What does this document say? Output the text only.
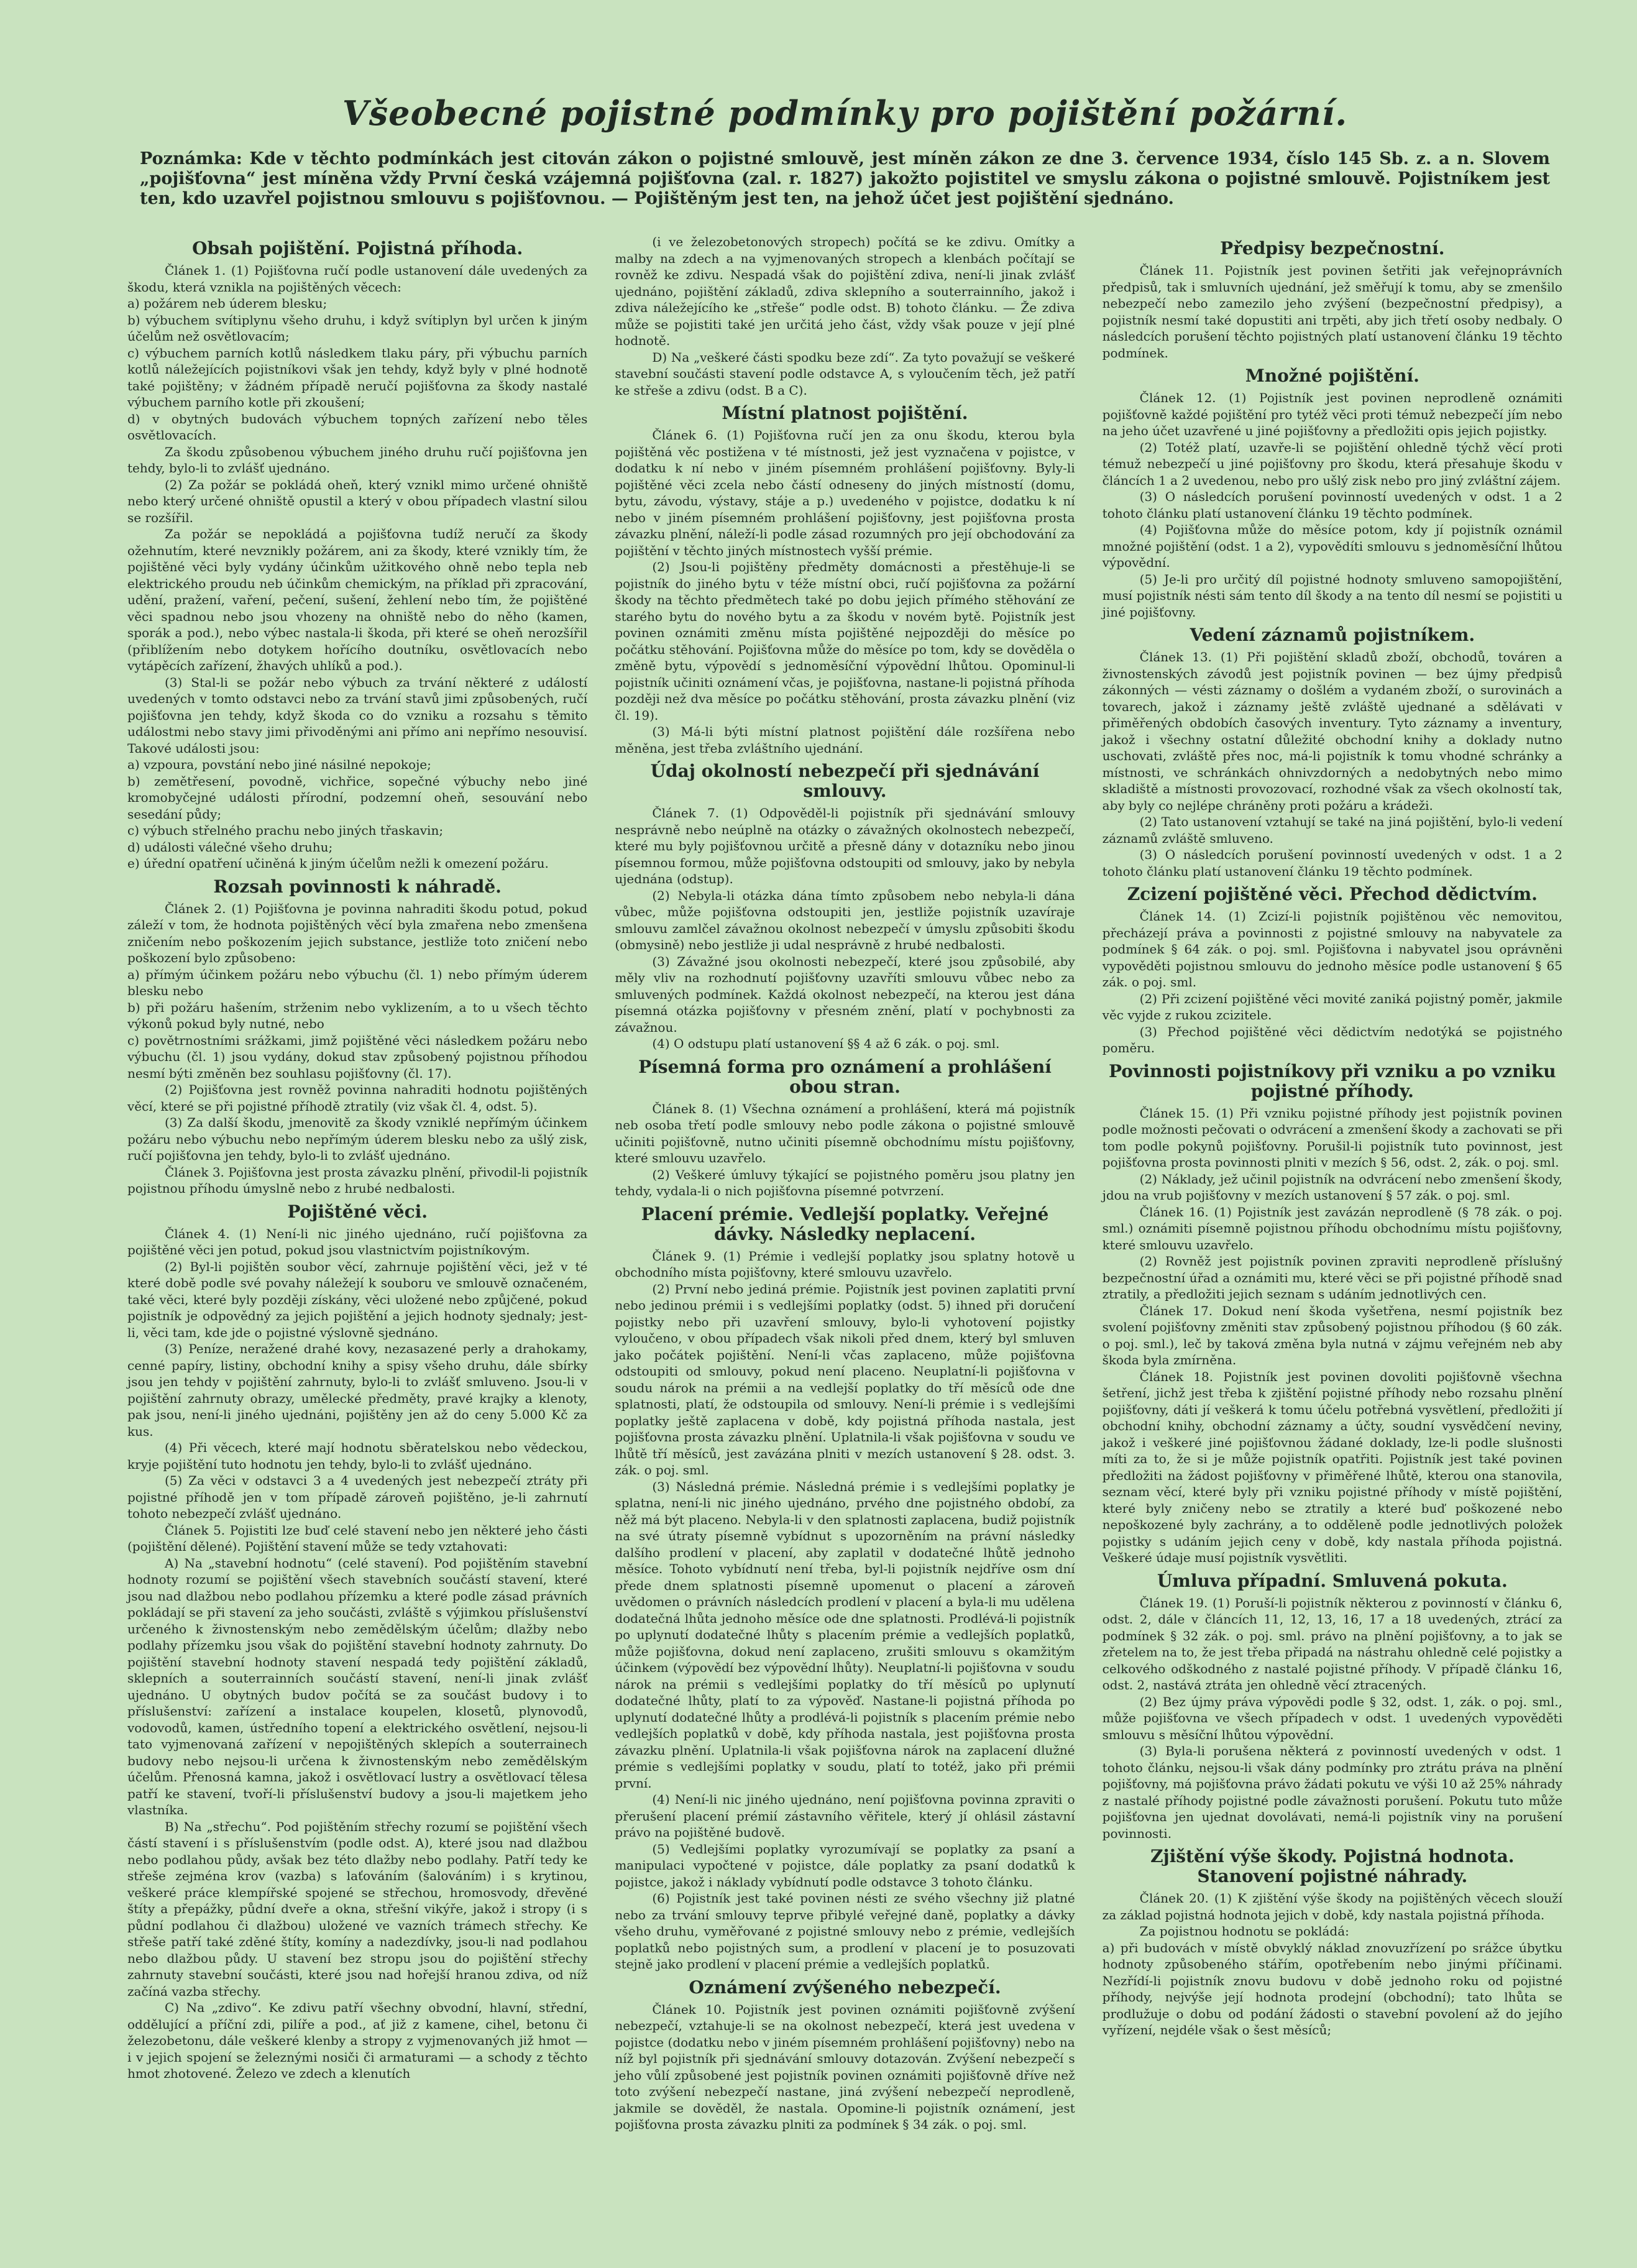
Všeobecné pojistné podmínky pro pojištění požární.
Poznámka: Kde v těchto podmínkách jest citován zákon o pojistné smlouvě, jest míněn zákon ze dne 3. července 1934, číslo 145 Sb. z. a n. Slovem „pojišťovna“ jest míněna vždy První česká vzájemná pojišťovna (zal. r. 1827) jakožto pojistitel ve smyslu zákona o pojistné smlouvě. Pojistníkem jest ten, kdo uzavřel pojistnou smlouvu s pojišťovnou. — Pojištěným jest ten, na jehož účet jest pojištění sjednáno.
Obsah pojištění. Pojistná příhoda.

Článek 1. (1) Pojišťovna ručí podle ustanovení dále uvedených za škodu, která vznikla na pojištěných věcech:

a) požárem neb úderem blesku;

b) výbuchem svítiplynu všeho druhu, i když svítiplyn byl určen k jiným účelům než osvětlovacím;

c) výbuchem parních kotlů následkem tlaku páry, při výbuchu parních kotlů náležejících pojistníkovi však jen tehdy, když byly v plné hodnotě také pojištěny; v žádném případě neručí pojišťovna za škody nastalé výbuchem parního kotle při zkoušení;

d) v obytných budovách výbuchem topných zařízení nebo těles osvětlovacích.

Za škodu způsobenou výbuchem jiného druhu ručí pojišťovna jen tehdy, bylo-li to zvlášť ujednáno.

(2) Za požár se pokládá oheň, který vznikl mimo určené ohniště nebo který určené ohniště opustil a který v obou případech vlastní silou se rozšířil.

Za požár se nepokládá a pojišťovna tudíž neručí za škody ožehnutím, které nevznikly požárem, ani za škody, které vznikly tím, že pojištěné věci byly vydány účinkům užitkového ohně nebo tepla neb elektrického proudu neb účinkům chemickým, na příklad při zpracování, udění, pražení, vaření, pečení, sušení, žehlení nebo tím, že pojištěné věci spadnou nebo jsou vhozeny na ohniště nebo do něho (kamen, sporák a pod.), nebo výbec nastala-li škoda, při které se oheň nerozšířil (přiblížením nebo dotykem hořícího doutníku, osvětlovacích nebo vytápěcích zařízení, žhavých uhlíků a pod.).

(3) Stal-li se požár nebo výbuch za trvání některé z událostí uvedených v tomto odstavci nebo za trvání stavů jimi způsobených, ručí pojišťovna jen tehdy, když škoda co do vzniku a rozsahu s těmito událostmi nebo stavy jimi přivoděnými ani přímo ani nepřímo nesouvisí. Takové události jsou:

a) vzpoura, povstání nebo jiné násilné nepokoje;

b) zemětřesení, povodně, vichřice, sopečné výbuchy nebo jiné kromobyčejné události přírodní, podzemní oheň, sesouvání nebo sesedání půdy;

c) výbuch střelného prachu nebo jiných třaskavin;

d) události válečné všeho druhu;

e) úřední opatření učiněná k jiným účelům nežli k omezení požáru.

Rozsah povinnosti k náhradě.

Článek 2. (1) Pojišťovna je povinna nahraditi škodu potud, pokud záleží v tom, že hodnota pojištěných věcí byla zmařena nebo zmenšena zničením nebo poškozením jejich substance, jestliže toto zničení nebo poškození bylo způsobeno:

a) přímým účinkem požáru nebo výbuchu (čl. 1) nebo přímým úderem blesku nebo

b) při požáru hašením, strženim nebo vyklizením, a to u všech těchto výkonů pokud byly nutné, nebo

c) povětrnostními srážkami, jimž pojištěné věci následkem požáru nebo výbuchu (čl. 1) jsou vydány, dokud stav způsobený pojistnou příhodou nesmí býti změněn bez souhlasu pojišťovny (čl. 17).

(2) Pojišťovna jest rovněž povinna nahraditi hodnotu pojištěných věcí, které se při pojistné příhodě ztratily (viz však čl. 4, odst. 5).

(3) Za další škodu, jmenovitě za škody vzniklé nepřímým účinkem požáru nebo výbuchu nebo nepřímým úderem blesku nebo za ušlý zisk, ručí pojišťovna jen tehdy, bylo-li to zvlášť ujednáno.

Článek 3. Pojišťovna jest prosta závazku plnění, přivodil-li pojistník pojistnou příhodu úmyslně nebo z hrubé nedbalosti.

Pojištěné věci.

Článek 4. (1) Není-li nic jiného ujednáno, ručí pojišťovna za pojištěné věci jen potud, pokud jsou vlastnictvím pojistníkovým.

(2) Byl-li pojištěn soubor věcí, zahrnuje pojištění věci, jež v té které době podle své povahy náležejí k souboru ve smlouvě označeném, také věci, které byly později získány, věci uložené nebo způjčené, pokud pojistník je odpovědný za jejich pojištění a jejich hodnoty sjednaly; jest-li, věci tam, kde jde o pojistné výslovně sjednáno.

(3) Peníze, neražené drahé kovy, nezasazené perly a drahokamy, cenné papíry, listiny, obchodní knihy a spisy všeho druhu, dále sbírky jsou jen tehdy v pojištění zahrnuty, bylo-li to zvlášť smluveno. Jsou-li v pojištění zahrnuty obrazy, umělecké předměty, pravé krajky a klenoty, pak jsou, není-li jiného ujednáni, pojištěny jen až do ceny 5.000 Kč za kus.

(4) Při věcech, které mají hodnotu sběratelskou nebo vědeckou, kryje pojištění tuto hodnotu jen tehdy, bylo-li to zvlášť ujednáno.

(5) Za věci v odstavci 3 a 4 uvedených jest nebezpečí ztráty při pojistné příhodě jen v tom případě zároveň pojištěno, je-li zahrnutí tohoto nebezpečí zvlášť ujednáno.

Článek 5. Pojistiti lze buď celé stavení nebo jen některé jeho části (pojištění dělené). Pojištění stavení může se tedy vztahovati:

A) Na „stavební hodnotu“ (celé stavení). Pod pojištěním stavební hodnoty rozumí se pojištění všech stavebních součástí stavení, které jsou nad dlažbou nebo podlahou přízemku a které podle zásad právních pokládají se při stavení za jeho součásti, zvláště s výjimkou příslušenství určeného k živnostenským nebo zemědělským účelům; dlažby nebo podlahy přízemku jsou však do pojištění stavební hodnoty zahrnuty. Do pojištění stavební hodnoty stavení nespadá tedy pojištění základů, sklepních a souterrainních součástí stavení, není-li jinak zvlášť ujednáno. U obytných budov počítá se za součást budovy i to příslušenství: zařízení a instalace koupelen, klosetů, plynovodů, vodovodů, kamen, ústředního topení a elektrického osvětlení, nejsou-li tato vyjmenovaná zařízení v nepojištěných sklepích a souterrainech budovy nebo nejsou-li určena k živnostenským nebo zemědělským účelům. Přenosná kamna, jakož i osvětlovací lustry a osvětlovací tělesa patří ke stavení, tvoří-li příslušenství budovy a jsou-li majetkem jeho vlastníka.

B) Na „střechu“. Pod pojištěním střechy rozumí se pojištění všech částí stavení i s příslušenstvím (podle odst. A), které jsou nad dlažbou nebo podlahou půdy, avšak bez této dlažby nebo podlahy. Patří tedy ke střeše zejména krov (vazba) s laťováním (šalováním) i s krytinou, veškeré práce klempířské spojené se střechou, hromosvody, dřevěné štíty a přepážky, půdní dveře a okna, střešní vikýře, jakož i stropy (i s půdní podlahou či dlažbou) uložené ve vazních trámech střechy. Ke střeše patří také zděné štíty, komíny a nadezdívky, jsou-li nad podlahou nebo dlažbou půdy. U stavení bez stropu jsou do pojištění střechy zahrnuty stavební součásti, které jsou nad hořejší hranou zdiva, od níž začíná vazba střechy.

C) Na „zdivo“. Ke zdivu patří všechny obvodní, hlavní, střední, oddělující a příční zdi, pilíře a pod., ať již z kamene, cihel, betonu či železobetonu, dále veškeré klenby a stropy z vyjmenovaných již hmot — i v jejich spojení se železnými nosiči či armaturami — a schody z těchto hmot zhotovené. Železo ve zdech a klenutích

(i ve železobetonových stropech) počítá se ke zdivu. Omítky a malby na zdech a na vyjmenovaných stropech a klenbách počítají se rovněž ke zdivu. Nespadá však do pojištění zdiva, není-li jinak zvlášť ujednáno, pojištění základů, zdiva sklepního a souterrainního, jakož i zdiva náležejícího ke „střeše“ podle odst. B) tohoto článku. — Že zdiva může se pojistiti také jen určitá jeho část, vždy však pouze v její plné hodnotě.

D) Na „veškeré části spodku beze zdí“. Za tyto považují se veškeré stavební součásti stavení podle odstavce A, s vyloučením těch, jež patří ke střeše a zdivu (odst. B a C).

Místní platnost pojištění.

Článek 6. (1) Pojišťovna ručí jen za onu škodu, kterou byla pojištěná věc postižena v té místnosti, jež jest vyznačena v pojistce, v dodatku k ní nebo v jiném písemném prohlášení pojišťovny. Byly-li pojištěné věci zcela nebo částí odneseny do jiných místností (domu, bytu, závodu, výstavy, stáje a p.) uvedeného v pojistce, dodatku k ní nebo v jiném písemném prohlášení pojišťovny, jest pojišťovna prosta závazku plnění, náleží-li podle zásad rozumných pro její obchodování za pojištění v těchto jiných místnostech vyšší prémie.

(2) Jsou-li pojištěny předměty domácnosti a přestěhuje-li se pojistník do jiného bytu v téže místní obci, ručí pojišťovna za požární škody na těchto předmětech také po dobu jejich přímého stěhování ze starého bytu do nového bytu a za škodu v novém bytě. Pojistník jest povinen oznámiti změnu místa pojištěné nejpozději do měsíce po počátku stěhování. Pojišťovna může do měsíce po tom, kdy se dověděla o změně bytu, výpovědí s jednoměsíční výpovědní lhůtou. Opominul-li pojistník učiniti oznámení včas, je pojišťovna, nastane-li pojistná příhoda později než dva měsíce po počátku stěhování, prosta závazku plnění (viz čl. 19).

(3) Má-li býti místní platnost pojištění dále rozšířena nebo měněna, jest třeba zvláštního ujednání.

Údaj okolností nebezpečí při sjednávání smlouvy.

Článek 7. (1) Odpověděl-li pojistník při sjednávání smlouvy nesprávně nebo neúplně na otázky o závažných okolnostech nebezpečí, které mu byly pojišťovnou určitě a přesně dány v dotazníku nebo jinou písemnou formou, může pojišťovna odstoupiti od smlouvy, jako by nebyla ujednána (odstup).

(2) Nebyla-li otázka dána tímto způsobem nebo nebyla-li dána vůbec, může pojišťovna odstoupiti jen, jestliže pojistník uzavíraje smlouvu zamlčel závažnou okolnost nebezpečí v úmyslu způsobiti škodu (obmysině) nebo jestliže ji udal nesprávně z hrubé nedbalosti.

(3) Závažné jsou okolnosti nebezpečí, které jsou způsobilé, aby měly vliv na rozhodnutí pojišťovny uzavříti smlouvu vůbec nebo za smluvených podmínek. Každá okolnost nebezpečí, na kterou jest dána písemná otázka pojišťovny v přesném znění, platí v pochybnosti za závažnou.

(4) O odstupu platí ustanovení §§ 4 až 6 zák. o poj. sml.

Písemná forma pro oznámení a prohlášení obou stran.

Článek 8. (1) Všechna oznámení a prohlášení, která má pojistník neb osoba třetí podle smlouvy nebo podle zákona o pojistné smlouvě učiniti pojišťovně, nutno učiniti písemně obchodnímu místu pojišťovny, které smlouvu uzavřelo.

(2) Veškeré úmluvy týkající se pojistného poměru jsou platny jen tehdy, vydala-li o nich pojišťovna písemné potvrzení.

Placení prémie. Vedlejší poplatky. Veřejné dávky. Následky neplacení.

Článek 9. (1) Prémie i vedlejší poplatky jsou splatny hotově u obchodního místa pojišťovny, které smlouvu uzavřelo.

(2) První nebo jediná prémie. Pojistník jest povinen zaplatiti první nebo jedinou prémii i s vedlejšími poplatky (odst. 5) ihned při doručení pojistky nebo při uzavření smlouvy, bylo-li vyhotovení pojistky vyloučeno, v obou případech však nikoli před dnem, který byl smluven jako počátek pojištění. Není-li včas zaplaceno, může pojišťovna odstoupiti od smlouvy, pokud není placeno. Neuplatní-li pojišťovna v soudu nárok na prémii a na vedlejší poplatky do tří měsíců ode dne splatnosti, platí, že odstoupila od smlouvy. Není-li prémie i s vedlejšími poplatky ještě zaplacena v době, kdy pojistná příhoda nastala, jest pojišťovna prosta závazku plnění. Uplatnila-li však pojišťovna v soudu ve lhůtě tří měsíců, jest zavázána plniti v mezích ustanovení § 28. odst. 3. zák. o poj. sml.

(3) Následná prémie. Následná prémie i s vedlejšími poplatky je splatna, není-li nic jiného ujednáno, prvého dne pojistného období, za něž má být placeno. Nebyla-li v den splatnosti zaplacena, budiž pojistník na své útraty písemně vybídnut s upozorněním na právní následky dalšího prodlení v placení, aby zaplatil v dodatečné lhůtě jednoho měsíce. Tohoto vybídnutí není třeba, byl-li pojistník nejdříve osm dní přede dnem splatnosti písemně upomenut o placení a zároveň uvědomen o právních následcích prodlení v placení a byla-li mu udělena dodatečná lhůta jednoho měsíce ode dne splatnosti. Prodlévá-li pojistník po uplynutí dodatečné lhůty s placením prémie a vedlejších poplatků, může pojišťovna, dokud není zaplaceno, zrušiti smlouvu s okamžitým účinkem (výpovědí bez výpovědní lhůty). Neuplatní-li pojišťovna v soudu nárok na prémii s vedlejšími poplatky do tří měsíců po uplynutí dodatečné lhůty, platí to za výpověď. Nastane-li pojistná příhoda po uplynutí dodatečné lhůty a prodlévá-li pojistník s placením prémie nebo vedlejších poplatků v době, kdy příhoda nastala, jest pojišťovna prosta závazku plnění. Uplatnila-li však pojišťovna nárok na zaplacení dlužné prémie s vedlejšími poplatky v soudu, platí to totéž, jako při prémii první.

(4) Není-li nic jiného ujednáno, není pojišťovna povinna zpraviti o přerušení placení prémií zástavního věřitele, který jí ohlásil zástavní právo na pojištěné budově.

(5) Vedlejšími poplatky vyrozumívají se poplatky za psaní a manipulaci vypočtené v pojistce, dále poplatky za psaní dodatků k pojistce, jakož i náklady vybídnutí podle odstavce 3 tohoto článku.

(6) Pojistník jest také povinen nésti ze svého všechny již platné nebo za trvání smlouvy teprve přibylé veřejné daně, poplatky a dávky všeho druhu, vyměřované z pojistné smlouvy nebo z prémie, vedlejších poplatků nebo pojistných sum, a prodlení v placení je to posuzovati stejně jako prodlení v placení prémie a vedlejších poplatků.

Oznámení zvýšeného nebezpečí.

Článek 10. Pojistník jest povinen oznámiti pojišťovně zvýšení nebezpečí, vztahuje-li se na okolnost nebezpečí, která jest uvedena v pojistce (dodatku nebo v jiném písemném prohlášení pojišťovny) nebo na níž byl pojistník při sjednávání smlouvy dotazován. Zvýšení nebezpečí s jeho vůlí způsobené jest pojistník povinen oznámiti pojišťovně dříve než toto zvýšení nebezpečí nastane, jiná zvýšení nebezpečí neprodleně, jakmile se dověděl, že nastala. Opomine-li pojistník oznámení, jest pojišťovna prosta závazku plniti za podmínek § 34 zák. o poj. sml.

Předpisy bezpečnostní.

Článek 11. Pojistník jest povinen šetřiti jak veřejnoprávních předpisů, tak i smluvních ujednání, jež směřují k tomu, aby se zmenšilo nebezpečí nebo zamezilo jeho zvýšení (bezpečnostní předpisy), a pojistník nesmí také dopustiti ani trpěti, aby jich třetí osoby nedbaly. O následcích porušení těchto pojistných platí ustanovení článku 19 těchto podmínek.

Množné pojištění.

Článek 12. (1) Pojistník jest povinen neprodleně oznámiti pojišťovně každé pojištění pro tytéž věci proti témuž nebezpečí jím nebo na jeho účet uzavřené u jiné pojišťovny a předložiti opis jejich pojistky.

(2) Totéž platí, uzavře-li se pojištění ohledně týchž věcí proti témuž nebezpečí u jiné pojišťovny pro škodu, která přesahuje škodu v článcích 1 a 2 uvedenou, nebo pro ušlý zisk nebo pro jiný zvláštní zájem.

(3) O následcích porušení povinností uvedených v odst. 1 a 2 tohoto článku platí ustanovení článku 19 těchto podmínek.

(4) Pojišťovna může do měsíce potom, kdy jí pojistník oznámil množné pojištění (odst. 1 a 2), vypovědíti smlouvu s jednoměsíční lhůtou výpovědní.

(5) Je-li pro určitý díl pojistné hodnoty smluveno samopojištění, musí pojistník nésti sám tento díl škody a na tento díl nesmí se pojistiti u jiné pojišťovny.

Vedení záznamů pojistníkem.

Článek 13. (1) Při pojištění skladů zboží, obchodů, továren a živnostenských závodů jest pojistník povinen — bez újmy předpisů zákonných — vésti záznamy o došlém a vydaném zboží, o surovinách a tovarech, jakož i záznamy ještě zvláště ujednané a sdělávati v přiměřených obdobích časových inventury. Tyto záznamy a inventury, jakož i všechny ostatní důležité obchodní knihy a doklady nutno uschovati, zvláště přes noc, má-li pojistník k tomu vhodné schránky a místnosti, ve schránkách ohnivzdorných a nedobytných nebo mimo skladiště a místnosti provozovací, rozhodné však za všech okolností tak, aby byly co nejlépe chráněny proti požáru a krádeži.

(2) Tato ustanovení vztahují se také na jiná pojištění, bylo-li vedení záznamů zvláště smluveno.

(3) O následcích porušení povinností uvedených v odst. 1 a 2 tohoto článku platí ustanovení článku 19 těchto podmínek.

Zcizení pojištěné věci. Přechod dědictvím.

Článek 14. (1) Zcizí-li pojistník pojištěnou věc nemovitou, přecházejí práva a povinnosti z pojistné smlouvy na nabyvatele za podmínek § 64 zák. o poj. sml. Pojišťovna i nabyvatel jsou oprávněni vypověděti pojistnou smlouvu do jednoho měsíce podle ustanovení § 65 zák. o poj. sml.

(2) Při zcizení pojištěné věci movité zaniká pojistný poměr, jakmile věc vyjde z rukou zcizitele.

(3) Přechod pojištěné věci dědictvím nedotýká se pojistného poměru.

Povinnosti pojistníkovy při vzniku a po vzniku pojistné příhody.

Článek 15. (1) Při vzniku pojistné příhody jest pojistník povinen podle možnosti pečovati o odvrácení a zmenšení škody a zachovati se při tom podle pokynů pojišťovny. Porušil-li pojistník tuto povinnost, jest pojišťovna prosta povinnosti plniti v mezích § 56, odst. 2, zák. o poj. sml.

(2) Náklady, jež učinil pojistník na odvrácení nebo zmenšení škody, jdou na vrub pojišťovny v mezích ustanovení § 57 zák. o poj. sml.

Článek 16. (1) Pojistník jest zavázán neprodleně (§ 78 zák. o poj. sml.) oznámiti písemně pojistnou příhodu obchodnímu místu pojišťovny, které smlouvu uzavřelo.

(2) Rovněž jest pojistník povinen zpraviti neprodleně příslušný bezpečnostní úřad a oznámiti mu, které věci se při pojistné příhodě snad ztratily, a předložiti jejich seznam s udáním jednotlivých cen.

Článek 17. Dokud není škoda vyšetřena, nesmí pojistník bez svolení pojišťovny změniti stav způsobený pojistnou příhodou (§ 60 zák. o poj. sml.), leč by taková změna byla nutná v zájmu veřejném neb aby škoda byla zmírněna.

Článek 18. Pojistník jest povinen dovoliti pojišťovně všechna šetření, jichž jest třeba k zjištění pojistné příhody nebo rozsahu plnění pojišťovny, dáti jí veškerá k tomu účelu potřebná vysvětlení, předložiti jí obchodní knihy, obchodní záznamy a účty, soudní vysvědčení neviny, jakož i veškeré jiné pojišťovnou žádané doklady, lze-li podle slušnosti míti za to, že si je může pojistník opatřiti. Pojistník jest také povinen předložiti na žádost pojišťovny v přiměřené lhůtě, kterou ona stanovila, seznam věcí, které byly při vzniku pojistné příhody v místě pojištění, které byly zničeny nebo se ztratily a které buď poškozené nebo nepoškozené byly zachrány, a to odděleně podle jednotlivých položek pojistky s udáním jejich ceny v době, kdy nastala příhoda pojistná. Veškeré údaje musí pojistník vysvětliti.

Úmluva případní. Smluvená pokuta.

Článek 19. (1) Poruší-li pojistník některou z povinností v článku 6, odst. 2, dále v článcích 11, 12, 13, 16, 17 a 18 uvedených, ztrácí za podmínek § 32 zák. o poj. sml. právo na plnění pojišťovny, a to jak se zřetelem na to, že jest třeba připadá na nástrahu ohledně celé pojistky a celkového odškodného z nastalé pojistné příhody. V případě článku 16, odst. 2, nastává ztráta jen ohledně věcí ztracených.

(2) Bez újmy práva výpovědi podle § 32, odst. 1, zák. o poj. sml., může pojišťovna ve všech případech v odst. 1 uvedených vypověděti smlouvu s měsíční lhůtou výpovědní.

(3) Byla-li porušena některá z povinností uvedených v odst. 1 tohoto článku, nejsou-li však dány podmínky pro ztrátu práva na plnění pojišťovny, má pojišťovna právo žádati pokutu ve výši 10 až 25% náhrady z nastalé příhody pojistné podle závažnosti porušení. Pokutu tuto může pojišťovna jen ujednat dovolávati, nemá-li pojistník viny na porušení povinnosti.

Zjištění výše škody. Pojistná hodnota. Stanovení pojistné náhrady.

Článek 20. (1) K zjištění výše škody na pojištěných věcech slouží za základ pojistná hodnota jejich v době, kdy nastala pojistná příhoda.

Za pojistnou hodnotu se pokládá:

a) při budovách v místě obvyklý náklad znovuzřízení po srážce úbytku hodnoty způsobeného stářím, opotřebením nebo jinými příčinami. Nezřídí-li pojistník znovu budovu v době jednoho roku od pojistné příhody, nejvýše její hodnota prodejní (obchodní); tato lhůta se prodlužuje o dobu od podání žádosti o stavební povolení až do jejího vyřízení, nejdéle však o šest měsíců;
